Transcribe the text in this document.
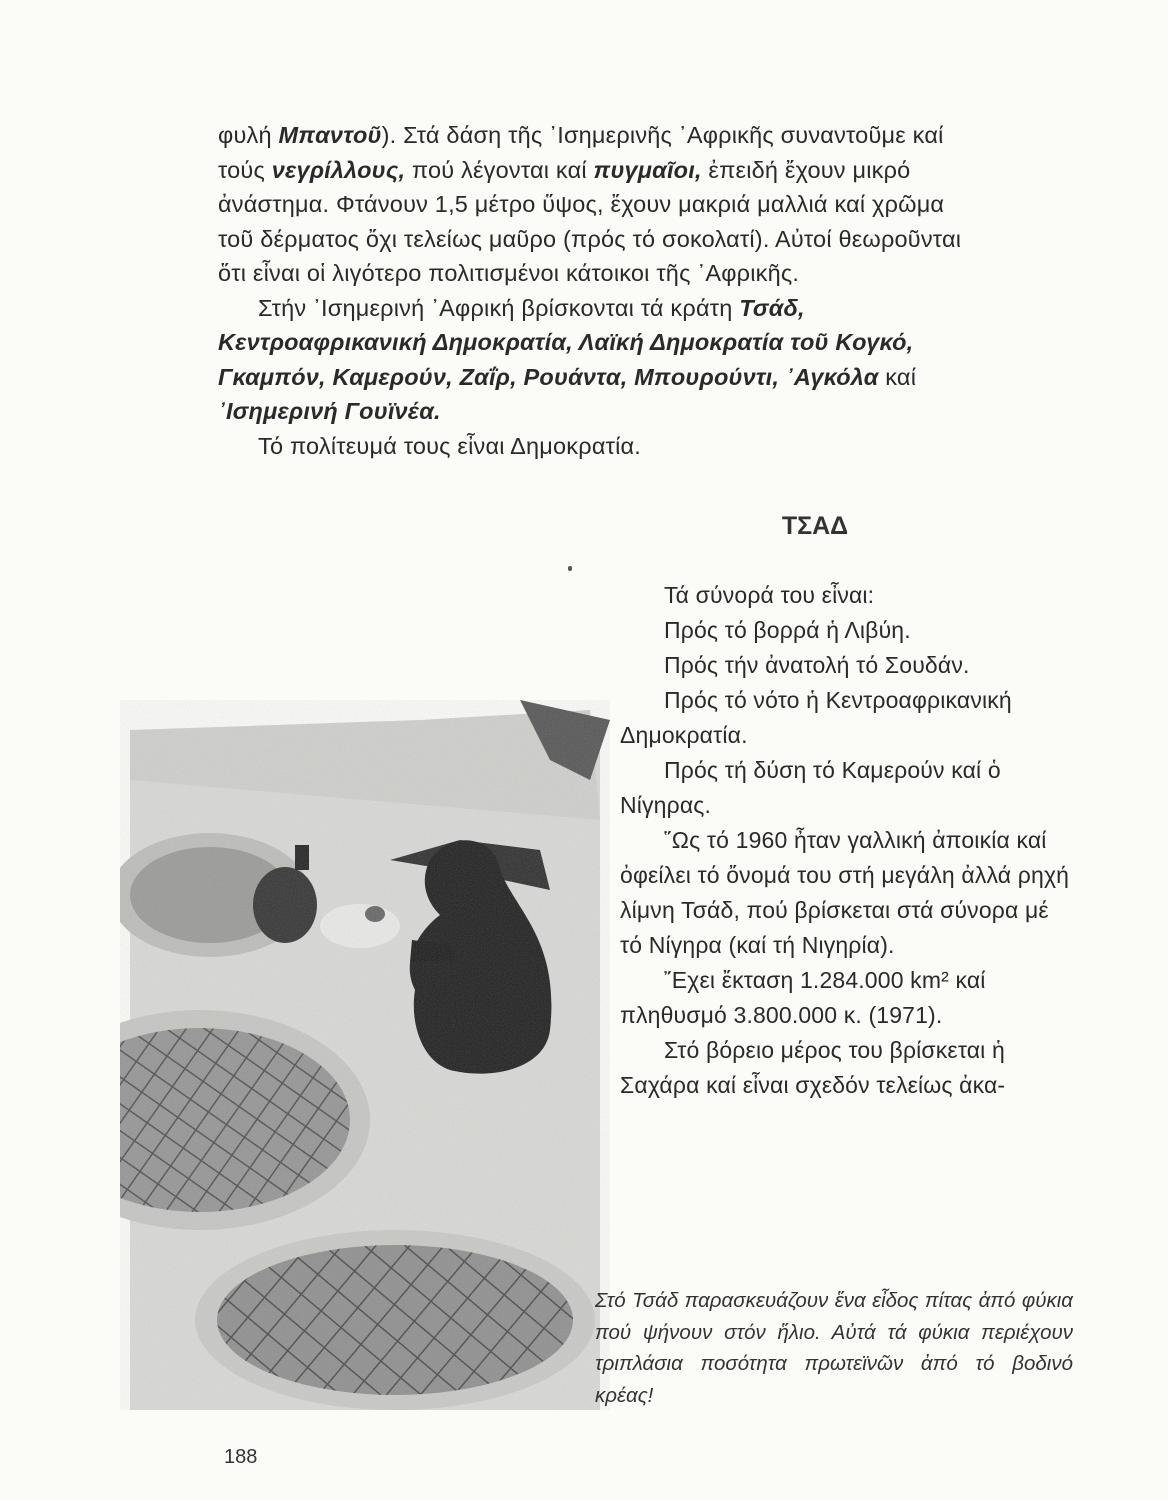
φυλή Μπαντοῦ). Στά δάση τῆς ᾿Ισημερινῆς ᾿Αφρικῆς συναντοῦμε καί τούς νεγρίλλους, πού λέγονται καί πυγμαῖοι, ἐπειδή ἔχουν μικρό ἀνάστημα. Φτάνουν 1,5 μέτρο ὕψος, ἔχουν μακριά μαλλιά καί χρῶμα τοῦ δέρματος ὄχι τελείως μαῦρο (πρός τό σοκολατί). Αὐτοί θεωροῦνται ὅτι εἶναι οἱ λιγότερο πολιτισμένοι κάτοικοι τῆς ᾿Αφρικῆς.

Στήν ᾿Ισημερινή ᾿Αφρική βρίσκονται τά κράτη Τσάδ, Κεντροαφρικανική Δημοκρατία, Λαϊκή Δημοκρατία τοῦ Κογκό, Γκαμπόν, Καμερούν, Ζαΐρ, Ρουάντα, Μπουρούντι, ᾿Αγκόλα καί ᾿Ισημερινή Γουϊνέα.

Τό πολίτευμά τους εἶναι Δημοκρατία.

ΤΣΑΔ

Τά σύνορά του εἶναι:

Πρός τό βορρά ἡ Λιβύη.

Πρός τήν ἀνατολή τό Σουδάν.

Πρός τό νότο ἡ Κεντροαφρικανική Δημοκρατία.

Πρός τή δύση τό Καμερούν καί ὁ Νίγηρας.

῞Ως τό 1960 ἦταν γαλλική ἀποικία καί ὀφείλει τό ὄνομά του στή μεγάλη ἀλλά ρηχή λίμνη Τσάδ, πού βρίσκεται στά σύνορα μέ τό Νίγηρα (καί τή Νιγηρία).

῎Εχει ἔκταση 1.284.000 km² καί πληθυσμό 3.800.000 κ. (1971).

Στό βόρειο μέρος του βρίσκεται ἡ Σαχάρα καί εἶναι σχεδόν τελείως ἀκα-

Στό Τσάδ παρασκευάζουν ἕνα εἶδος πίτας ἀπό φύκια πού ψήνουν στόν ἥλιο. Αὐτά τά φύκια περιέχουν τριπλάσια ποσότητα πρωτεϊνῶν ἀπό τό βοδινό κρέας!
188
